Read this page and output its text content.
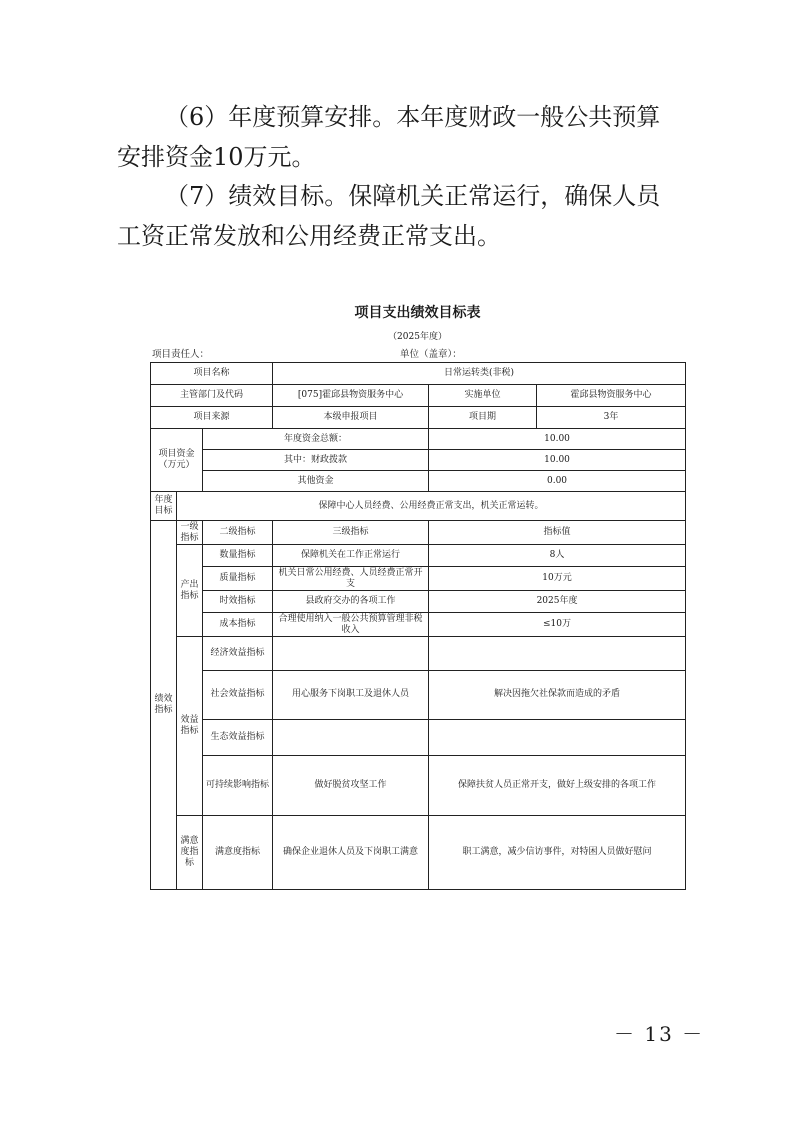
（6）年度预算安排。本年度财政一般公共预算安排资金10万元。

（7）绩效目标。保障机关正常运行，确保人员工资正常发放和公用经费正常支出。

项目支出绩效目标表
（2025年度）
项目责任人：	单位（盖章）：
项目名称			日常运转类(非税)		
主管部门及代码			[075]霍邱县物资服务中心	实施单位	霍邱县物资服务中心
项目来源			本级申报项目	项目期	3年
项目资金（万元）		年度资金总额：		10.00	
		其中：财政拨款		10.00	
		其他资金		0.00	
年度目标	保障中心人员经费、公用经费正常支出，机关正常运转。				
绩效指标	一级指标	二级指标	三级指标	指标值	
	产出指标	数量指标	保障机关在工作正常运行	8人	
		质量指标	机关日常公用经费、人员经费正常开支	10万元	
		时效指标	县政府交办的各项工作	2025年度	
		成本指标	合理使用纳入一般公共预算管理非税收入	≤10万	
	效益指标	经济效益指标			
		社会效益指标	用心服务下岗职工及退休人员	解决因拖欠社保款而造成的矛盾	
		生态效益指标			
		可持续影响指标	做好脱贫攻坚工作	保障扶贫人员正常开支，做好上级安排的各项工作	
	满意度指标	满意度指标	确保企业退休人员及下岗职工满意	职工满意，减少信访事件，对特困人员做好慰问	
－ 13 －
